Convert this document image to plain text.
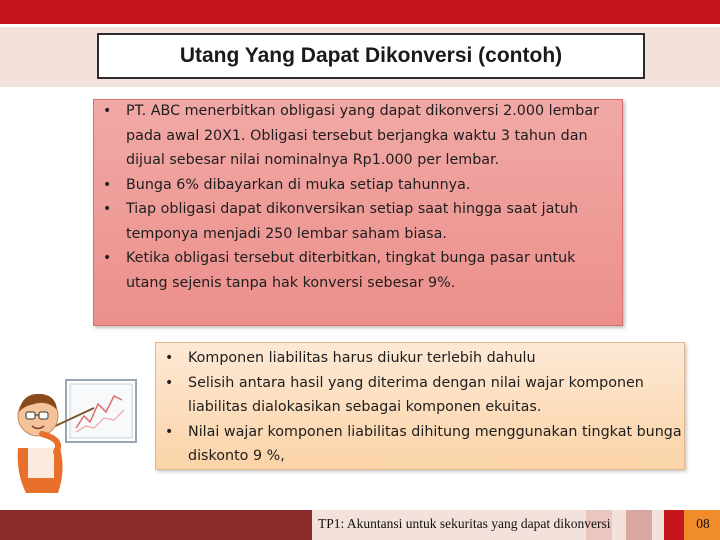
Utang Yang Dapat Dikonversi (contoh)
• PT. ABC menerbitkan obligasi yang dapat dikonversi 2.000 lembar pada awal 20X1. Obligasi tersebut berjangka waktu 3 tahun dan dijual sebesar nilai nominalnya Rp1.000 per lembar.
• Bunga 6% dibayarkan di muka setiap tahunnya.
• Tiap obligasi dapat dikonversikan setiap saat hingga saat jatuh temponya menjadi 250 lembar saham biasa.
• Ketika obligasi tersebut diterbitkan, tingkat bunga pasar untuk utang sejenis tanpa hak konversi sebesar 9%.
• Komponen liabilitas harus diukur terlebih dahulu
• Selisih antara hasil yang diterima dengan nilai wajar komponen liabilitas dialokasikan sebagai komponen ekuitas.
• Nilai wajar komponen liabilitas dihitung menggunakan tingkat bunga diskonto 9 %,
TP1: Akuntansi untuk sekuritas yang dapat dikonversi	08
